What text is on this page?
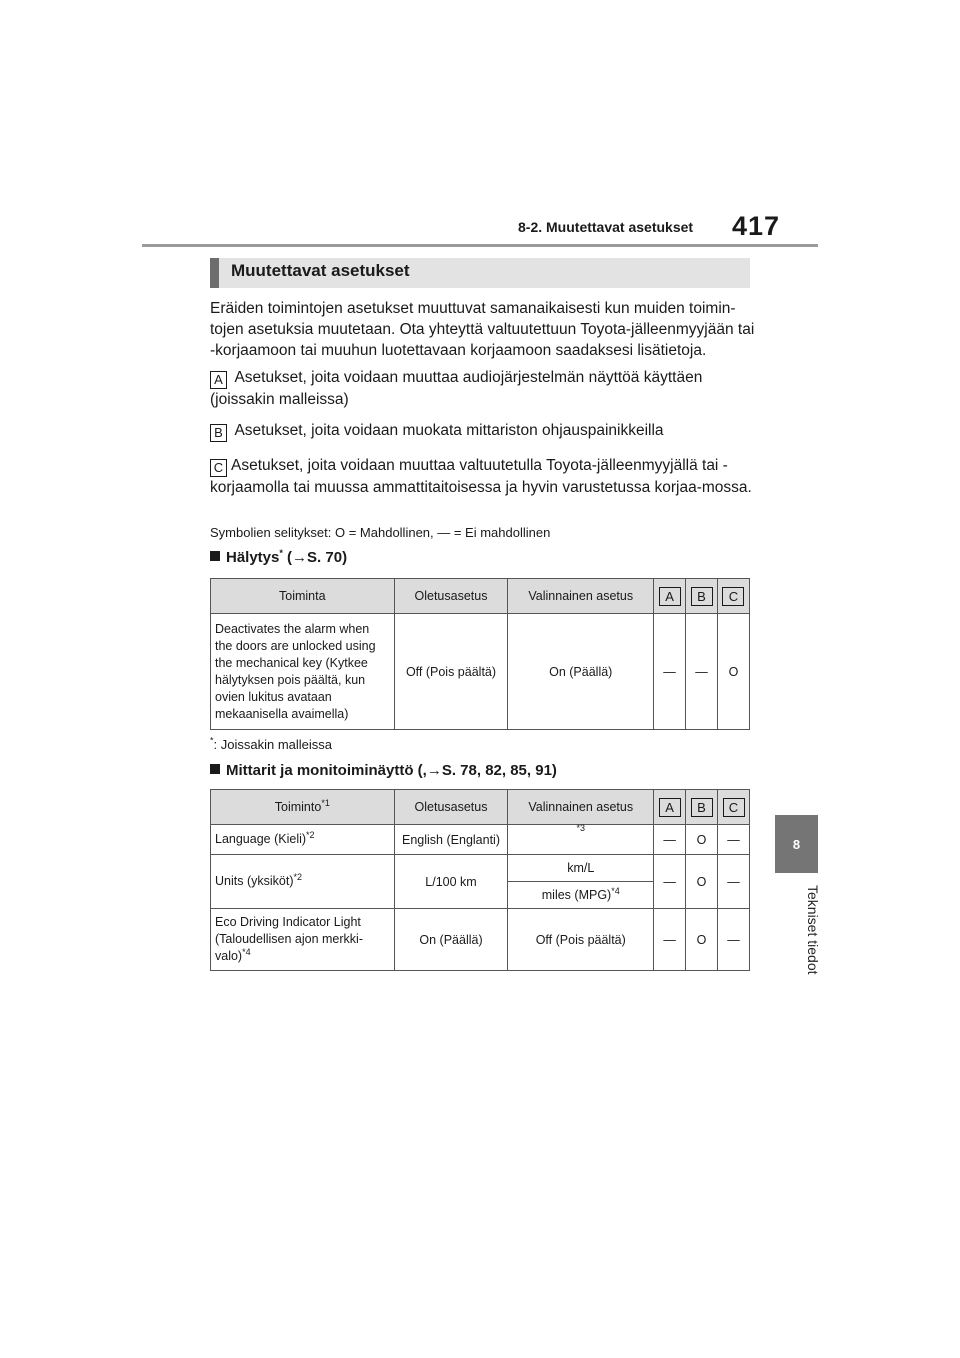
8-2. Muutettavat asetukset 417
8
Tekniset tiedot
Muutettavat asetukset
Eräiden toimintojen asetukset muuttuvat samanaikaisesti kun muiden toimin-tojen asetuksia muutetaan. Ota yhteyttä valtuutettuun Toyota-jälleenmyyjään tai -korjaamoon tai muuhun luotettavaan korjaamoon saadaksesi lisätietoja.
A Asetukset, joita voidaan muuttaa audiojärjestelmän näyttöä käyttäen (joissakin malleissa)
B Asetukset, joita voidaan muokata mittariston ohjauspainikkeilla
C Asetukset, joita voidaan muuttaa valtuutetulla Toyota-jälleenmyyjällä tai -korjaamolla tai muussa ammattitaitoisessa ja hyvin varustetussa korjaa-mossa.
Symbolien selitykset: O = Mahdollinen, — = Ei mahdollinen
Hälytys* (→S. 70)
Toiminta	Oletusasetus	Valinnainen asetus	A	B	C
Deactivates the alarm when the doors are unlocked using the mechanical key (Kytkee hälytyksen pois päältä, kun ovien lukitus avataan mekaanisella avaimella)	Off (Pois päältä)	On (Päällä)	—	—	O
*: Joissakin malleissa
Mittarit ja monitoiminäyttö (,→S. 78, 82, 85, 91)
Toiminto$^{*1}$	Oletusasetus	Valinnainen asetus	A	B	C
Language (Kieli)$^{*2}$	English (Englanti)	$^{*3}$	—	O	—
Units (yksiköt)$^{*2}$	L/100 km	km/L	—	O	—
		miles (MPG)$^{*4}$
Eco Driving Indicator Light (Taloudellisen ajon merkki-valo)$^{*4}$	On (Päällä)	Off (Pois päältä)	—	O	—
